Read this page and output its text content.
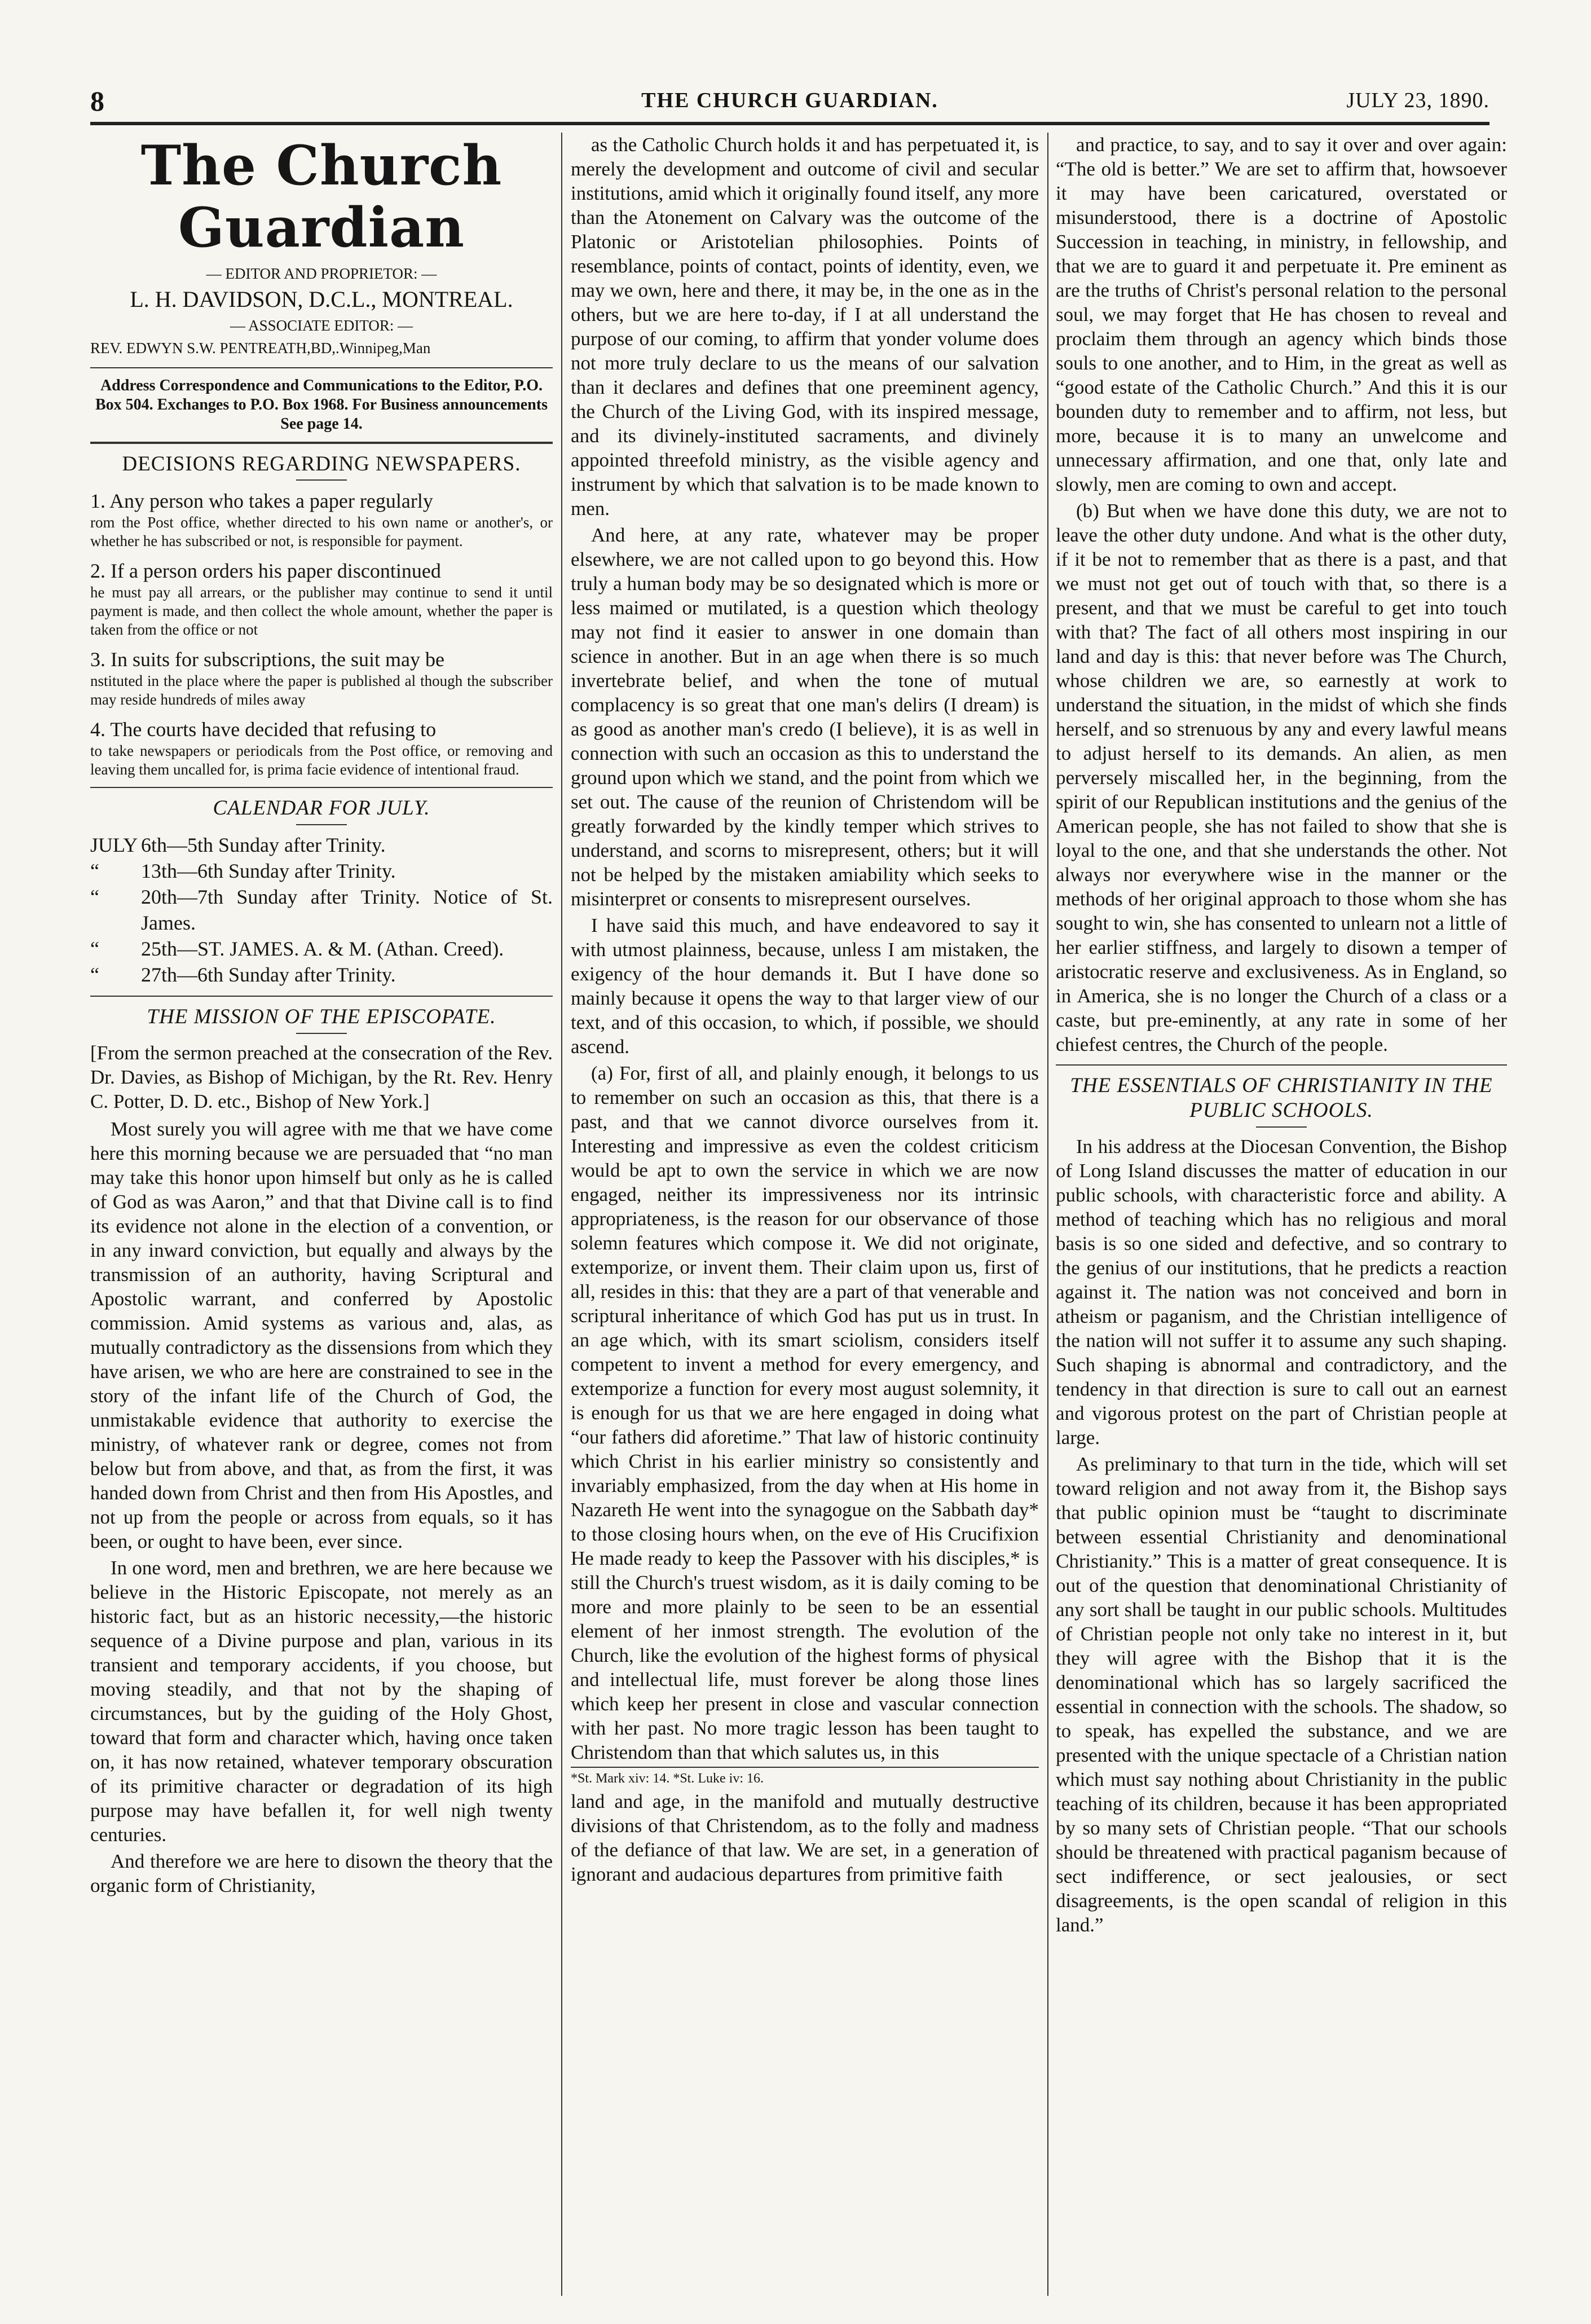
8	THE CHURCH GUARDIAN.	JULY 23, 1890.
The Church Guardian
— EDITOR AND PROPRIETOR: —
L. H. DAVIDSON, D.C.L., MONTREAL.
— ASSOCIATE EDITOR: —
REV. EDWYN S.W. PENTREATH,BD,.Winnipeg,Man
Address Correspondence and Communications to the Editor, P.O. Box 504. Exchanges to P.O. Box 1968. For Business announcements See page 14.
DECISIONS REGARDING NEWSPAPERS.
1. Any person who takes a paper regularly
rom the Post office, whether directed to his own name or another's, or whether he has subscribed or not, is responsible for payment.
2. If a person orders his paper discontinued
he must pay all arrears, or the publisher may continue to send it until payment is made, and then collect the whole amount, whether the paper is taken from the office or not
3. In suits for subscriptions, the suit may be
nstituted in the place where the paper is published al though the subscriber may reside hundreds of miles away
4. The courts have decided that refusing to
to take newspapers or periodicals from the Post office, or removing and leaving them uncalled for, is prima facie evidence of intentional fraud.
CALENDAR FOR JULY.
JULY 6th—5th Sunday after Trinity.
“	13th—6th Sunday after Trinity.
“	20th—7th Sunday after Trinity. Notice of St. James.
“	25th—ST. JAMES. A. & M. (Athan. Creed).
“	27th—6th Sunday after Trinity.
THE MISSION OF THE EPISCOPATE.

[From the sermon preached at the consecration of the Rev. Dr. Davies, as Bishop of Michigan, by the Rt. Rev. Henry C. Potter, D. D. etc., Bishop of New York.]

Most surely you will agree with me that we have come here this morning because we are persuaded that “no man may take this honor upon himself but only as he is called of God as was Aaron,” and that that Divine call is to find its evidence not alone in the election of a convention, or in any inward conviction, but equally and always by the transmission of an authority, having Scriptural and Apostolic warrant, and conferred by Apostolic commission. Amid systems as various and, alas, as mutually contradictory as the dissensions from which they have arisen, we who are here are constrained to see in the story of the infant life of the Church of God, the unmistakable evidence that authority to exercise the ministry, of whatever rank or degree, comes not from below but from above, and that, as from the first, it was handed down from Christ and then from His Apostles, and not up from the people or across from equals, so it has been, or ought to have been, ever since.

In one word, men and brethren, we are here because we believe in the Historic Episcopate, not merely as an historic fact, but as an historic necessity,—the historic sequence of a Divine purpose and plan, various in its transient and temporary accidents, if you choose, but moving steadily, and that not by the shaping of circumstances, but by the guiding of the Holy Ghost, toward that form and character which, having once taken on, it has now retained, whatever temporary obscuration of its primitive character or degradation of its high purpose may have befallen it, for well nigh twenty centuries.

And therefore we are here to disown the theory that the organic form of Christianity,

as the Catholic Church holds it and has perpetuated it, is merely the development and outcome of civil and secular institutions, amid which it originally found itself, any more than the Atonement on Calvary was the outcome of the Platonic or Aristotelian philosophies. Points of resemblance, points of contact, points of identity, even, we may we own, here and there, it may be, in the one as in the others, but we are here to-day, if I at all understand the purpose of our coming, to affirm that yonder volume does not more truly declare to us the means of our salvation than it declares and defines that one preeminent agency, the Church of the Living God, with its inspired message, and its divinely-instituted sacraments, and divinely appointed threefold ministry, as the visible agency and instrument by which that salvation is to be made known to men.

And here, at any rate, whatever may be proper elsewhere, we are not called upon to go beyond this. How truly a human body may be so designated which is more or less maimed or mutilated, is a question which theology may not find it easier to answer in one domain than science in another. But in an age when there is so much invertebrate belief, and when the tone of mutual complacency is so great that one man's delirs (I dream) is as good as another man's credo (I believe), it is as well in connection with such an occasion as this to understand the ground upon which we stand, and the point from which we set out. The cause of the reunion of Christendom will be greatly forwarded by the kindly temper which strives to understand, and scorns to misrepresent, others; but it will not be helped by the mistaken amiability which seeks to misinterpret or consents to misrepresent ourselves.

I have said this much, and have endeavored to say it with utmost plainness, because, unless I am mistaken, the exigency of the hour demands it. But I have done so mainly because it opens the way to that larger view of our text, and of this occasion, to which, if possible, we should ascend.

(a) For, first of all, and plainly enough, it belongs to us to remember on such an occasion as this, that there is a past, and that we cannot divorce ourselves from it. Interesting and impressive as even the coldest criticism would be apt to own the service in which we are now engaged, neither its impressiveness nor its intrinsic appropriateness, is the reason for our observance of those solemn features which compose it. We did not originate, extemporize, or invent them. Their claim upon us, first of all, resides in this: that they are a part of that venerable and scriptural inheritance of which God has put us in trust. In an age which, with its smart sciolism, considers itself competent to invent a method for every emergency, and extemporize a function for every most august solemnity, it is enough for us that we are here engaged in doing what “our fathers did aforetime.” That law of historic continuity which Christ in his earlier ministry so consistently and invariably emphasized, from the day when at His home in Nazareth He went into the synagogue on the Sabbath day* to those closing hours when, on the eve of His Crucifixion He made ready to keep the Passover with his disciples,* is still the Church's truest wisdom, as it is daily coming to be more and more plainly to be seen to be an essential element of her inmost strength. The evolution of the Church, like the evolution of the highest forms of physical and intellectual life, must forever be along those lines which keep her present in close and vascular connection with her past. No more tragic lesson has been taught to Christendom than that which salutes us, in this

*St. Mark xiv: 14. *St. Luke iv: 16.

land and age, in the manifold and mutually destructive divisions of that Christendom, as to the folly and madness of the defiance of that law. We are set, in a generation of ignorant and audacious departures from primitive faith

and practice, to say, and to say it over and over again: “The old is better.” We are set to affirm that, howsoever it may have been caricatured, overstated or misunderstood, there is a doctrine of Apostolic Succession in teaching, in ministry, in fellowship, and that we are to guard it and perpetuate it. Pre eminent as are the truths of Christ's personal relation to the personal soul, we may forget that He has chosen to reveal and proclaim them through an agency which binds those souls to one another, and to Him, in the great as well as “good estate of the Catholic Church.” And this it is our bounden duty to remember and to affirm, not less, but more, because it is to many an unwelcome and unnecessary affirmation, and one that, only late and slowly, men are coming to own and accept.

(b) But when we have done this duty, we are not to leave the other duty undone. And what is the other duty, if it be not to remember that as there is a past, and that we must not get out of touch with that, so there is a present, and that we must be careful to get into touch with that? The fact of all others most inspiring in our land and day is this: that never before was The Church, whose children we are, so earnestly at work to understand the situation, in the midst of which she finds herself, and so strenuous by any and every lawful means to adjust herself to its demands. An alien, as men perversely miscalled her, in the beginning, from the spirit of our Republican institutions and the genius of the American people, she has not failed to show that she is loyal to the one, and that she understands the other. Not always nor everywhere wise in the manner or the methods of her original approach to those whom she has sought to win, she has consented to unlearn not a little of her earlier stiffness, and largely to disown a temper of aristocratic reserve and exclusiveness. As in England, so in America, she is no longer the Church of a class or a caste, but pre-eminently, at any rate in some of her chiefest centres, the Church of the people.

THE ESSENTIALS OF CHRISTIANITY IN THE PUBLIC SCHOOLS.

In his address at the Diocesan Convention, the Bishop of Long Island discusses the matter of education in our public schools, with characteristic force and ability. A method of teaching which has no religious and moral basis is so one sided and defective, and so contrary to the genius of our institutions, that he predicts a reaction against it. The nation was not conceived and born in atheism or paganism, and the Christian intelligence of the nation will not suffer it to assume any such shaping. Such shaping is abnormal and contradictory, and the tendency in that direction is sure to call out an earnest and vigorous protest on the part of Christian people at large.

As preliminary to that turn in the tide, which will set toward religion and not away from it, the Bishop says that public opinion must be “taught to discriminate between essential Christianity and denominational Christianity.” This is a matter of great consequence. It is out of the question that denominational Christianity of any sort shall be taught in our public schools. Multitudes of Christian people not only take no interest in it, but they will agree with the Bishop that it is the denominational which has so largely sacrificed the essential in connection with the schools. The shadow, so to speak, has expelled the substance, and we are presented with the unique spectacle of a Christian nation which must say nothing about Christianity in the public teaching of its children, because it has been appropriated by so many sets of Christian people. “That our schools should be threatened with practical paganism because of sect indifference, or sect jealousies, or sect disagreements, is the open scandal of religion in this land.”
